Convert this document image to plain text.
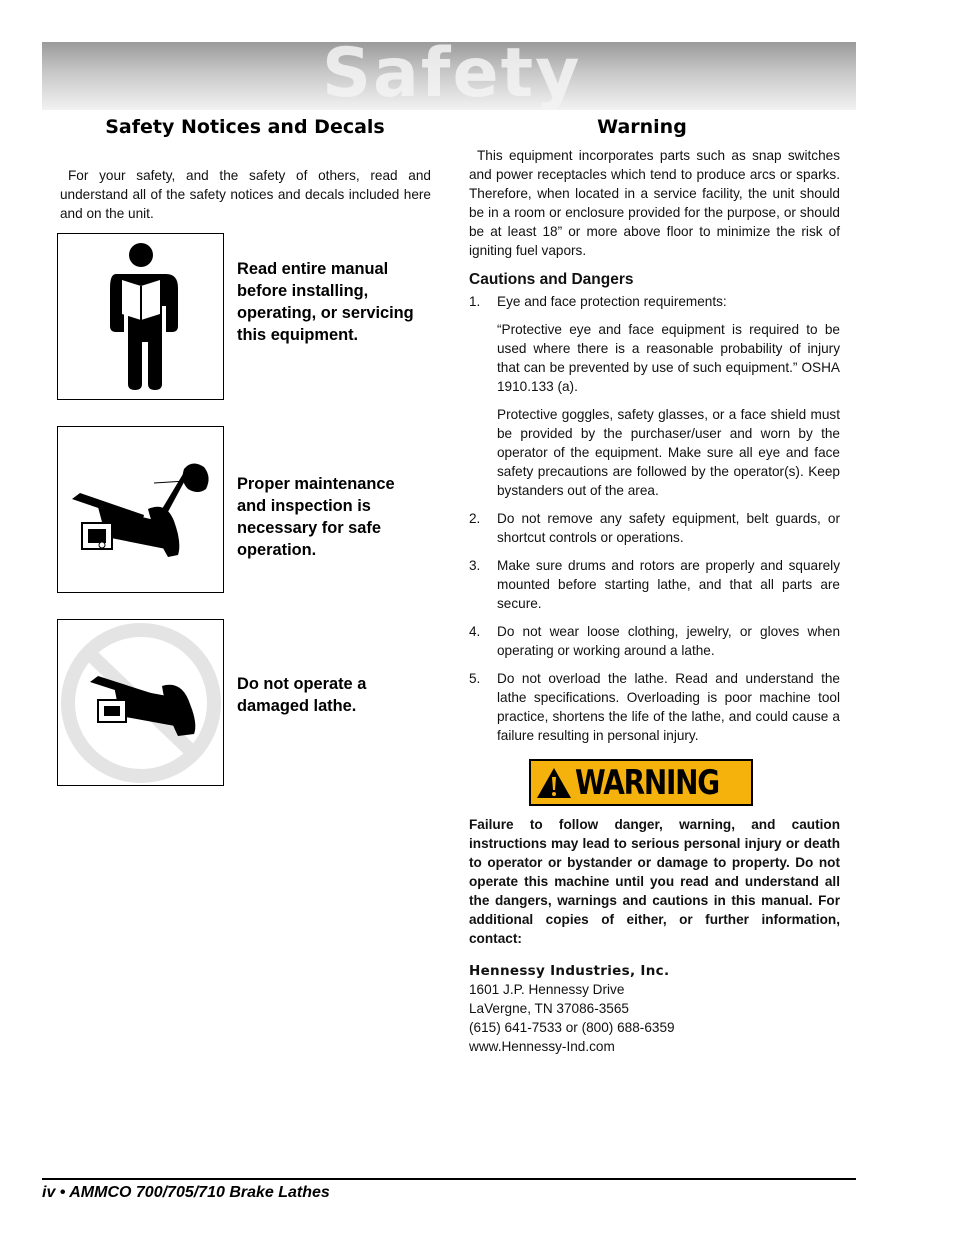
Safety
Safety Notices and Decals

For your safety, and the safety of others, read and understand all of the safety notices and decals included here and on the unit.

Read entire manual before installing, operating, or servicing this equipment.
Proper maintenance and inspection is necessary for safe operation.
Do not operate a damaged lathe.
Warning

This equipment incorporates parts such as snap switches and power receptacles which tend to produce arcs or sparks. Therefore, when located in a service facility, the unit should be in a room or enclosure provided for the purpose, or should be at least 18” or more above floor to minimize the risk of igniting fuel vapors.

Cautions and Dangers
1. Eye and face protection requirements:

“Protective eye and face equipment is required to be used where there is a reasonable probability of injury that can be prevented by use of such equipment.” OSHA 1910.133 (a).

Protective goggles, safety glasses, or a face shield must be provided by the purchaser/user and worn by the operator of the equipment. Make sure all eye and face safety precautions are followed by the operator(s). Keep bystanders out of the area.

2. Do not remove any safety equipment, belt guards, or shortcut controls or operations.
3. Make sure drums and rotors are properly and squarely mounted before starting lathe, and that all parts are secure.
4. Do not wear loose clothing, jewelry, or gloves when operating or working around a lathe.
5. Do not overload the lathe. Read and understand the lathe specifications. Overloading is poor machine tool practice, shortens the life of the lathe, and could cause a failure resulting in personal injury.
WARNING

Failure to follow danger, warning, and caution instructions may lead to serious personal injury or death to operator or bystander or damage to property. Do not operate this machine until you read and understand all the dangers, warnings and cautions in this manual. For additional copies of either, or further information, contact:

Hennessy Industries, Inc.
1601 J.P. Hennessy Drive
LaVergne, TN 37086-3565
(615) 641-7533 or (800) 688-6359
www.Hennessy-Ind.com
iv • AMMCO 700/705/710 Brake Lathes
